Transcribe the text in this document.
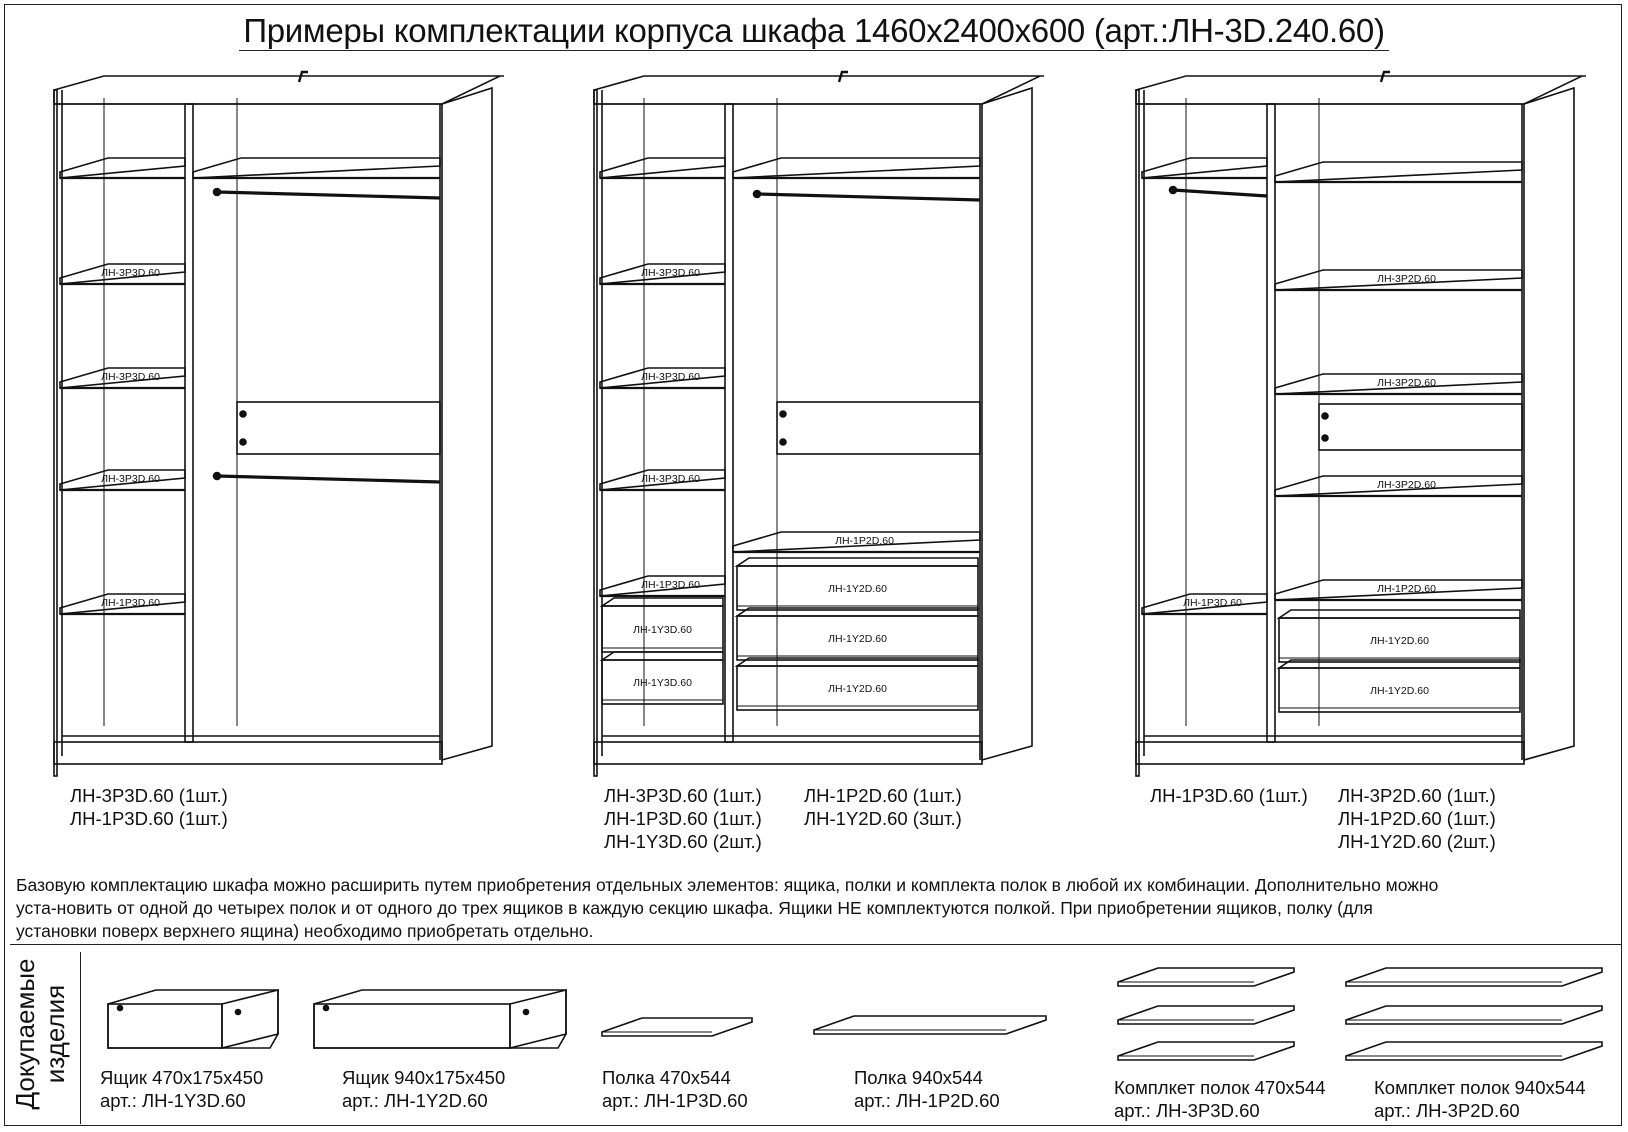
Примеры комплектации корпуса шкафа 1460х2400х600 (арт.:ЛН-3D.240.60)
ЛН-3Р3D.60
ЛН-3Р3D.60
ЛН-3Р3D.60
ЛН-1Р3D.60
ЛН-3Р3D.60
ЛН-3Р3D.60
ЛН-3Р3D.60
ЛН-1Р3D.60
ЛН-1Y3D.60
ЛН-1Y3D.60
ЛН-1Р2D.60
ЛН-1Y2D.60
ЛН-1Y2D.60
ЛН-1Y2D.60
ЛН-1Р3D.60
ЛН-3Р2D.60
ЛН-3Р2D.60
ЛН-3Р2D.60
ЛН-1Р2D.60
ЛН-1Y2D.60
ЛН-1Y2D.60
ЛН-3Р3D.60 (1шт.)
ЛН-1Р3D.60 (1шт.)
ЛН-3Р3D.60 (1шт.)
ЛН-1Р3D.60 (1шт.)
ЛН-1Y3D.60 (2шт.)
ЛН-1Р2D.60 (1шт.)
ЛН-1Y2D.60 (3шт.)
ЛН-1Р3D.60 (1шт.) ЛН-3Р2D.60 (1шт.)
ЛН-1Р2D.60 (1шт.)
ЛН-1Y2D.60 (2шт.)
Базовую комплектацию шкафа можно расширить путем приобретения отдельных элементов: ящика, полки и комплекта полок в любой их комбинации. Дополнительно можно уста-новить от одной до четырех полок и от одного до трех ящиков в каждую секцию шкафа. Ящики НЕ комплектуются полкой. При приобретении ящиков, полку (для установки поверх верхнего ящина) необходимо приобретать отдельно.
Докупаемые изделия Ящик 470х175х450
арт.: ЛН-1Y3D.60
Ящик 940х175х450
арт.: ЛН-1Y2D.60
Полка 470х544
арт.: ЛН-1Р3D.60
Полка 940х544
арт.: ЛН-1Р2D.60
Комплкет полок 470х544
арт.: ЛН-3Р3D.60
Комплкет полок 940х544
арт.: ЛН-3Р2D.60
